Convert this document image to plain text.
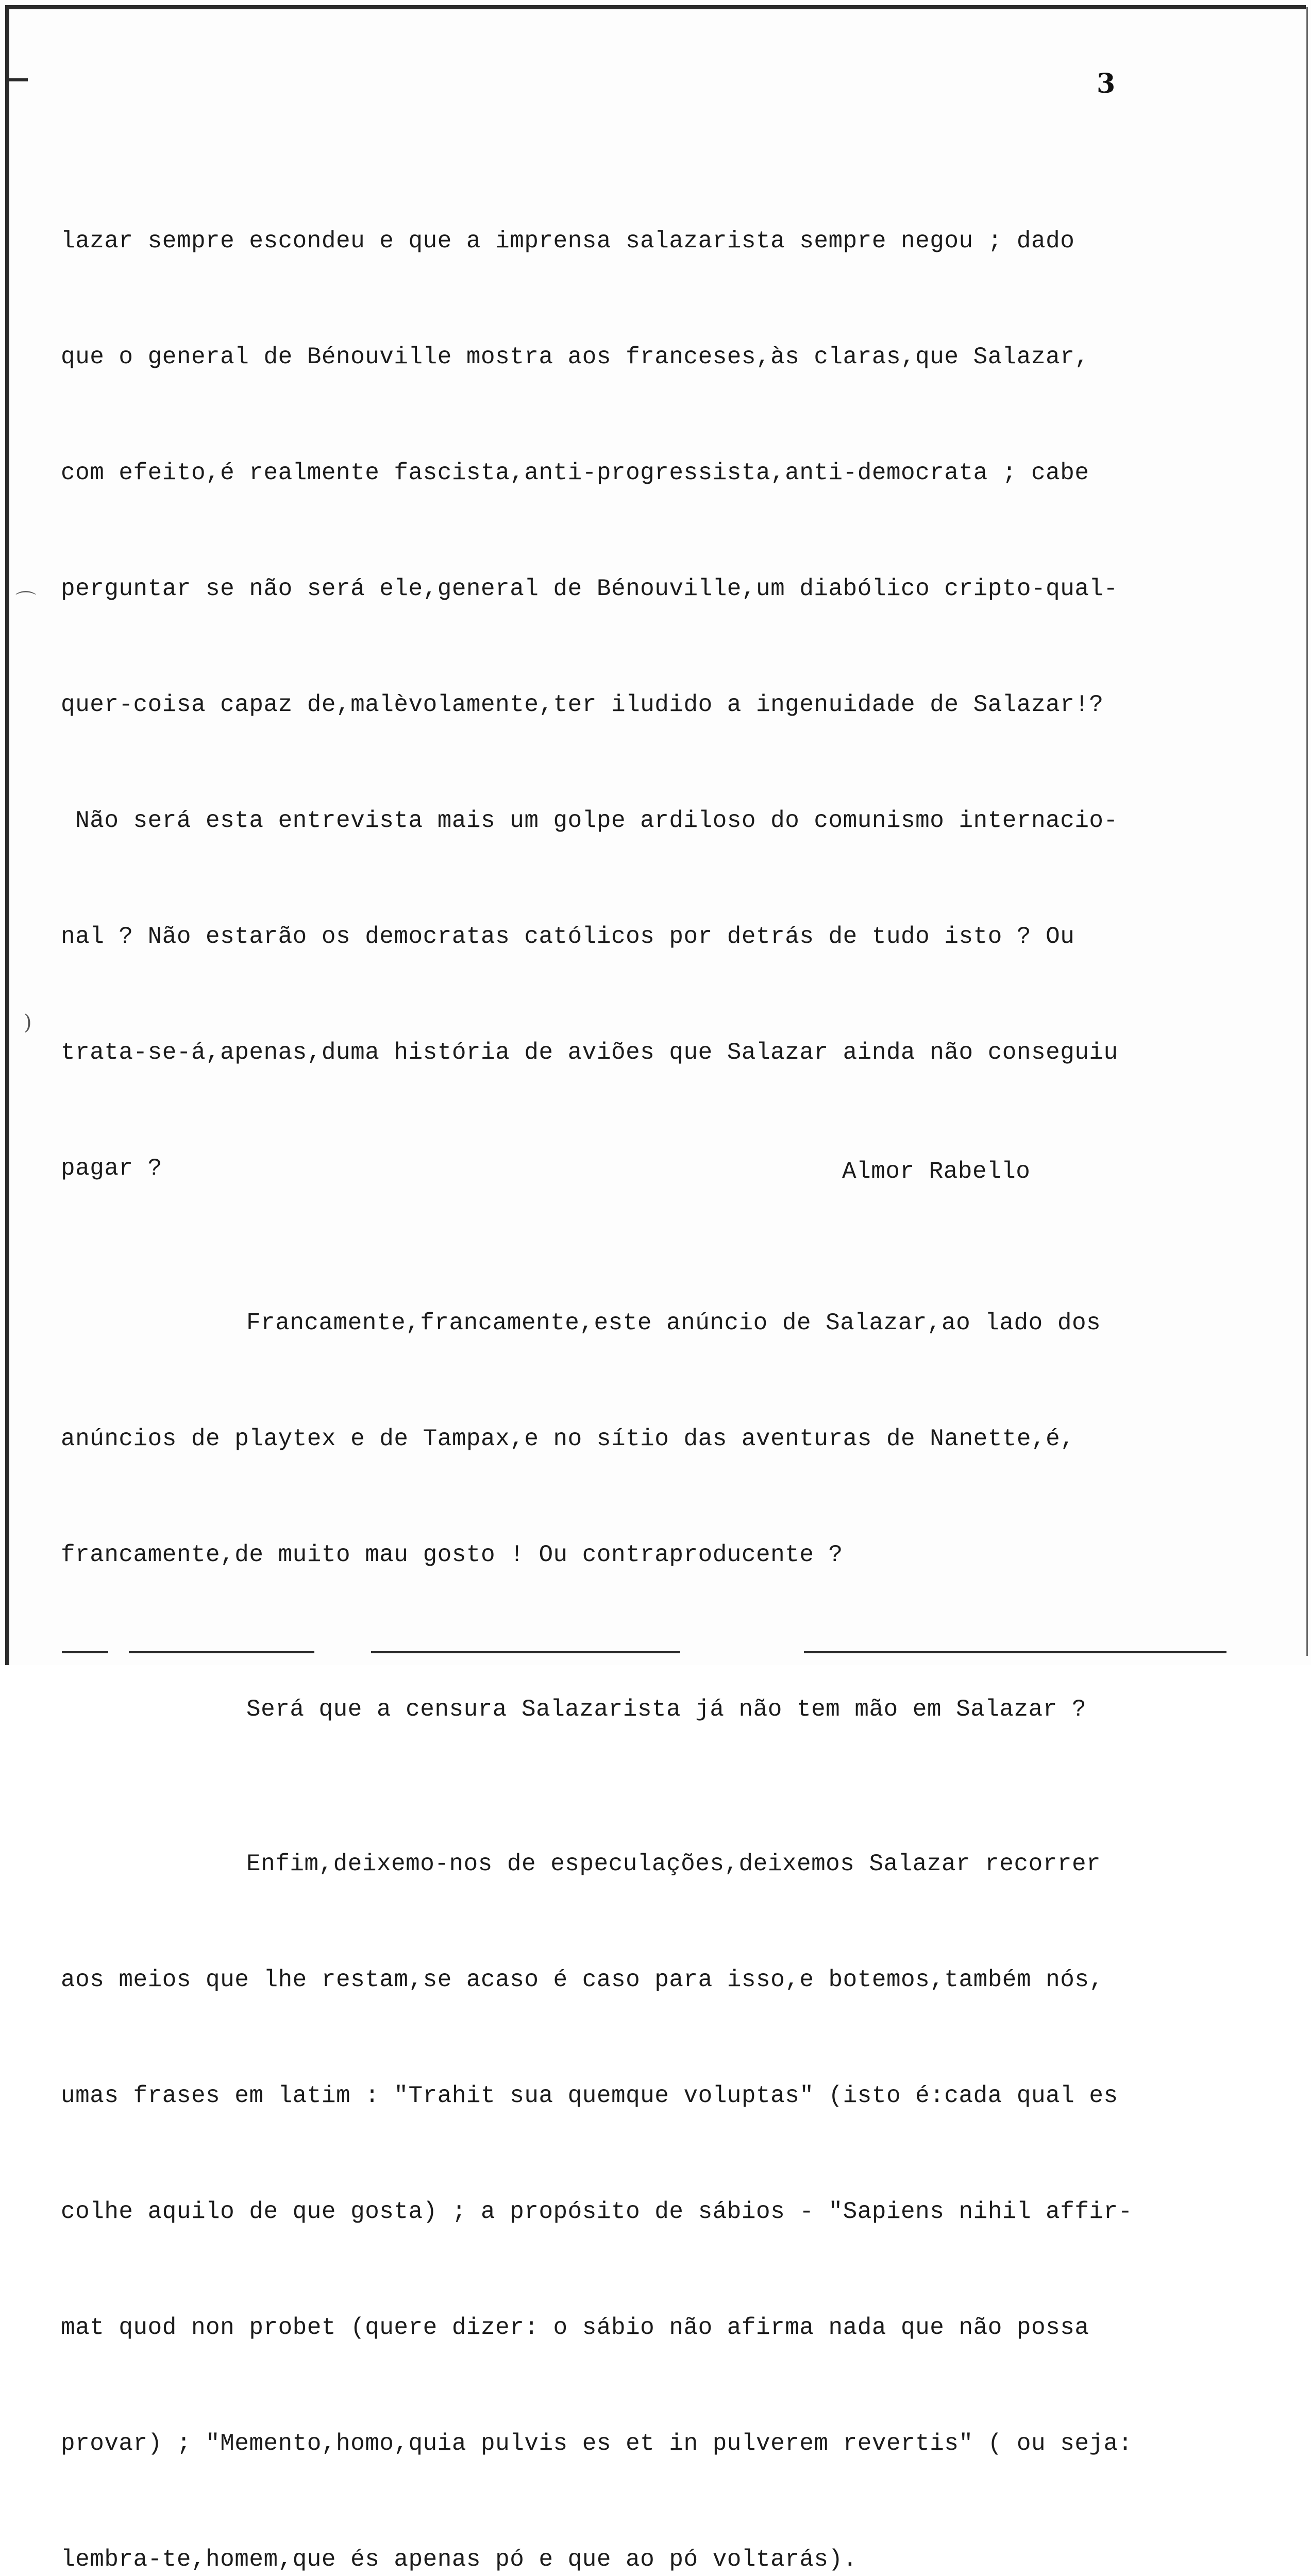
⌒
)
3

lazar sempre escondeu e que a imprensa salazarista sempre negou ; dado

que o general de Bénouville mostra aos franceses,às claras,que Salazar,

com efeito,é realmente fascista,anti-progressista,anti-democrata ; cabe

perguntar se não será ele,general de Bénouville,um diabólico cripto-qual-

quer-coisa capaz de,malèvolamente,ter iludido a ingenuidade de Salazar!?

Não será esta entrevista mais um golpe ardiloso do comunismo internacio-

nal ? Não estarão os democratas católicos por detrás de tudo isto ? Ou

trata-se-á,apenas,duma história de aviões que Salazar ainda não conseguiu

pagar ?

Francamente,francamente,este anúncio de Salazar,ao lado dos

anúncios de playtex e de Tampax,e no sítio das aventuras de Nanette,é,

francamente,de muito mau gosto ! Ou contraproducente ?

Será que a censura Salazarista já não tem mão em Salazar ?

Enfim,deixemo-nos de especulações,deixemos Salazar recorrer

aos meios que lhe restam,se acaso é caso para isso,e botemos,também nós,

umas frases em latim : "Trahit sua quemque voluptas" (isto é:cada qual es

colhe aquilo de que gosta) ; a propósito de sábios - "Sapiens nihil affir-

mat quod non probet (quere dizer: o sábio não afirma nada que não possa

provar) ; "Memento,homo,quia pulvis es et in pulverem revertis" ( ou seja:

lembra-te,homem,que és apenas pó e que ao pó voltarás).

Almor Rabello
